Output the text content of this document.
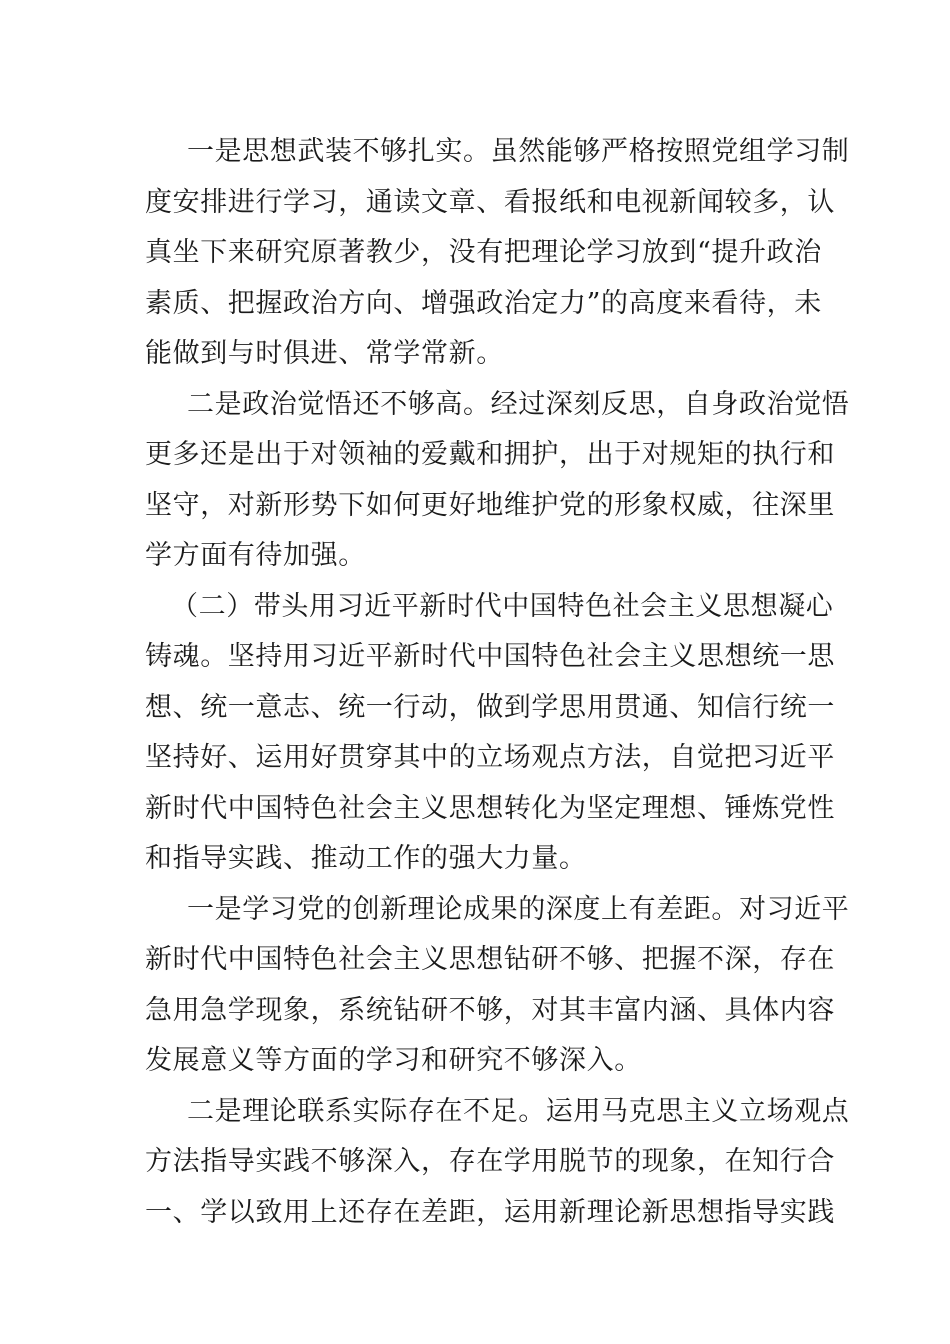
一是思想武装不够扎实。虽然能够严格按照党组学习制
度安排进行学习，通读文章、看报纸和电视新闻较多，认
真坐下来研究原著教少，没有把理论学习放到“提升政治
素质、把握政治方向、增强政治定力”的高度来看待，未
能做到与时俱进、常学常新。

二是政治觉悟还不够高。经过深刻反思，自身政治觉悟
更多还是出于对领袖的爱戴和拥护，出于对规矩的执行和
坚守，对新形势下如何更好地维护党的形象权威，往深里
学方面有待加强。

（二）带头用习近平新时代中国特色社会主义思想凝心
铸魂。坚持用习近平新时代中国特色社会主义思想统一思
想、统一意志、统一行动，做到学思用贯通、知信行统一
坚持好、运用好贯穿其中的立场观点方法，自觉把习近平
新时代中国特色社会主义思想转化为坚定理想、锤炼党性
和指导实践、推动工作的强大力量。

一是学习党的创新理论成果的深度上有差距。对习近平
新时代中国特色社会主义思想钻研不够、把握不深，存在
急用急学现象，系统钻研不够，对其丰富内涵、具体内容
发展意义等方面的学习和研究不够深入。

二是理论联系实际存在不足。运用马克思主义立场观点
方法指导实践不够深入，存在学用脱节的现象，在知行合
一、学以致用上还存在差距，运用新理论新思想指导实践
